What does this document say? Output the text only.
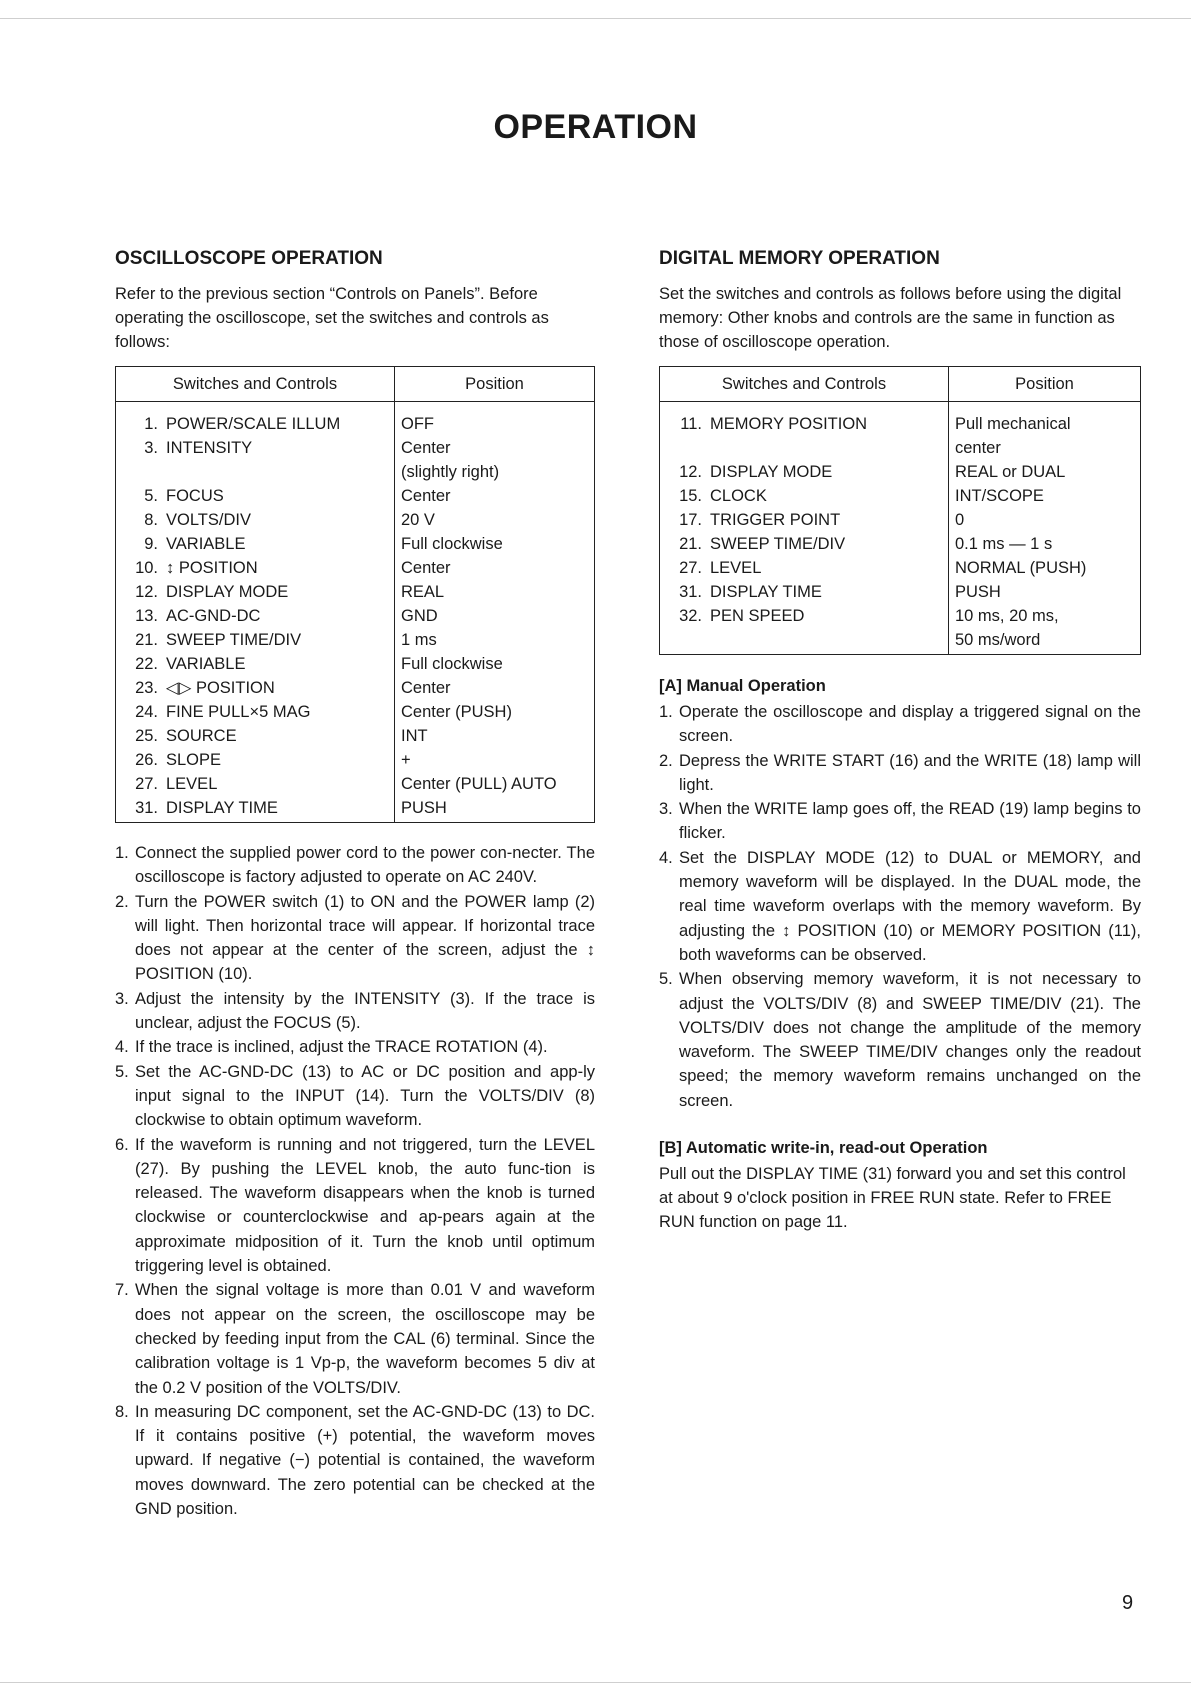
OPERATION
OSCILLOSCOPE OPERATION

Refer to the previous section “Controls on Panels”. Before operating the oscilloscope, set the switches and controls as follows:

Switches and Controls	Position
1. POWER/SCALE ILLUM	OFF
3. INTENSITY	Center
	(slightly right)
5. FOCUS	Center
8. VOLTS/DIV	20 V
9. VARIABLE	Full clockwise
10. ↕ POSITION	Center
12. DISPLAY MODE	REAL
13. AC-GND-DC	GND
21. SWEEP TIME/DIV	1 ms
22. VARIABLE	Full clockwise
23. ◁▷ POSITION	Center
24. FINE PULL×5 MAG	Center (PUSH)
25. SOURCE	INT
26. SLOPE	+
27. LEVEL	Center (PULL) AUTO
31. DISPLAY TIME	PUSH
1. Connect the supplied power cord to the power con-necter. The oscilloscope is factory adjusted to operate on AC 240V.
2. Turn the POWER switch (1) to ON and the POWER lamp (2) will light. Then horizontal trace will appear. If horizontal trace does not appear at the center of the screen, adjust the ↕ POSITION (10).
3. Adjust the intensity by the INTENSITY (3). If the trace is unclear, adjust the FOCUS (5).
4. If the trace is inclined, adjust the TRACE ROTATION (4).
5. Set the AC-GND-DC (13) to AC or DC position and app-ly input signal to the INPUT (14). Turn the VOLTS/DIV (8) clockwise to obtain optimum waveform.
6. If the waveform is running and not triggered, turn the LEVEL (27). By pushing the LEVEL knob, the auto func-tion is released. The waveform disappears when the knob is turned clockwise or counterclockwise and ap-pears again at the approximate midposition of it. Turn the knob until optimum triggering level is obtained.
7. When the signal voltage is more than 0.01 V and waveform does not appear on the screen, the oscilloscope may be checked by feeding input from the CAL (6) terminal. Since the calibration voltage is 1 Vp-p, the waveform becomes 5 div at the 0.2 V position of the VOLTS/DIV.
8. In measuring DC component, set the AC-GND-DC (13) to DC. If it contains positive (+) potential, the waveform moves upward. If negative (−) potential is contained, the waveform moves downward. The zero potential can be checked at the GND position.
DIGITAL MEMORY OPERATION

Set the switches and controls as follows before using the digital memory: Other knobs and controls are the same in function as those of oscilloscope operation.

Switches and Controls	Position
11. MEMORY POSITION	Pull mechanical
	center
12. DISPLAY MODE	REAL or DUAL
15. CLOCK	INT/SCOPE
17. TRIGGER POINT	0
21. SWEEP TIME/DIV	0.1 ms — 1 s
27. LEVEL	NORMAL (PUSH)
31. DISPLAY TIME	PUSH
32. PEN SPEED	10 ms, 20 ms,
	50 ms/word
[A] Manual Operation
1. Operate the oscilloscope and display a triggered signal on the screen.
2. Depress the WRITE START (16) and the WRITE (18) lamp will light.
3. When the WRITE lamp goes off, the READ (19) lamp begins to flicker.
4. Set the DISPLAY MODE (12) to DUAL or MEMORY, and memory waveform will be displayed. In the DUAL mode, the real time waveform overlaps with the memory waveform. By adjusting the ↕ POSITION (10) or MEMORY POSITION (11), both waveforms can be observed.
5. When observing memory waveform, it is not necessary to adjust the VOLTS/DIV (8) and SWEEP TIME/DIV (21). The VOLTS/DIV does not change the amplitude of the memory waveform. The SWEEP TIME/DIV changes only the readout speed; the memory waveform remains unchanged on the screen.
[B] Automatic write-in, read-out Operation

Pull out the DISPLAY TIME (31) forward you and set this control at about 9 o'clock position in FREE RUN state. Refer to FREE RUN function on page 11.

9
